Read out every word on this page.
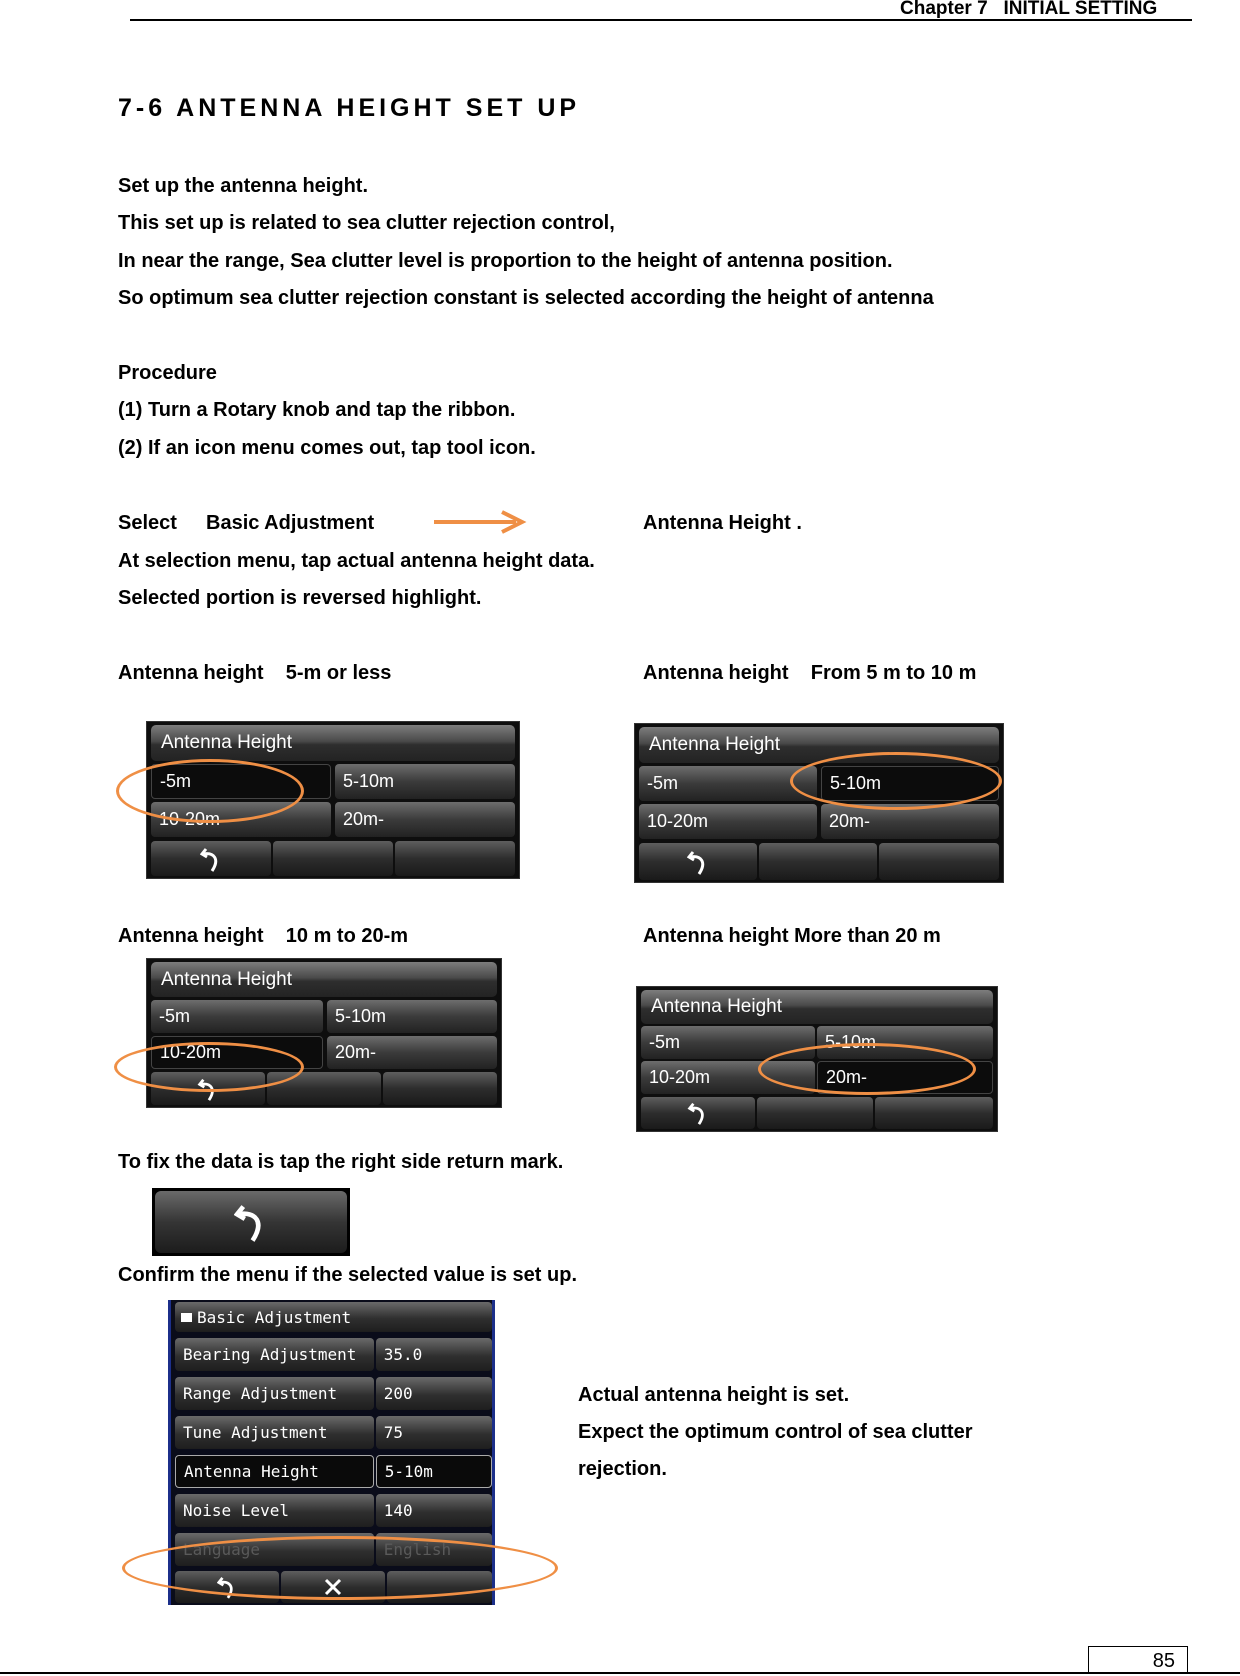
Chapter 7 INITIAL SETTING
7-6 ANTENNA HEIGHT SET UP
Set up the antenna height.
This set up is related to sea clutter rejection control,
In near the range, Sea clutter level is proportion to the height of antenna position.
So optimum sea clutter rejection constant is selected according the height of antenna
Procedure
(1) Turn a Rotary knob and tap the ribbon.
(2) If an icon menu comes out, tap tool icon.
Select Basic Adjustment	Antenna Height .
At selection menu, tap actual antenna height data.
Selected portion is reversed highlight.
Antenna height    5-m or less	Antenna height    From 5 m to 10 m
Antenna Height
-5m	5-10m
10-20m	20m-
Antenna Height
-5m	5-10m
10-20m	20m-
Antenna height    10 m to 20-m	Antenna height More than 20 m
Antenna Height
-5m	5-10m
10-20m	20m-
Antenna Height
-5m	5-10m
10-20m	20m-
To fix the data is tap the right side return mark.
Confirm the menu if the selected value is set up.
Basic Adjustment
Bearing Adjustment	35.0
Range Adjustment	200
Tune Adjustment	75
Antenna Height	5-10m
Noise Level	140
Language	English
Actual antenna height is set.
Expect the optimum control of sea clutter
rejection.
85
